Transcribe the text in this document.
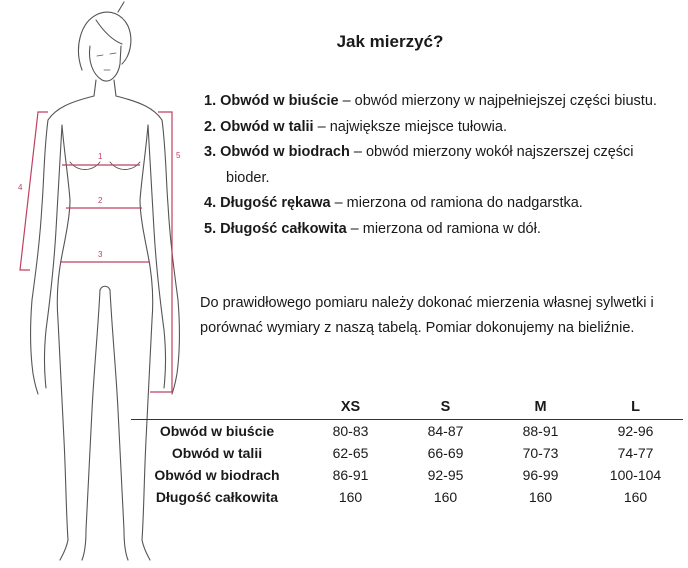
1
2
3
4
5
Jak mierzyć?
1. Obwód w biuście – obwód mierzony w najpełniejszej części biustu.
2. Obwód w talii – największe miejsce tułowia.
3. Obwód w biodrach – obwód mierzony wokół najszerszej części bioder.
4. Długość rękawa – mierzona od ramiona do nadgarstka.
5. Długość całkowita – mierzona od ramiona w dół.
Do prawidłowego pomiaru należy dokonać mierzenia własnej sylwetki i porównać wymiary z naszą tabelą. Pomiar dokonujemy na bieliźnie.
	XS	S	M	L
Obwód w biuście	80-83	84-87	88-91	92-96
Obwód w talii	62-65	66-69	70-73	74-77
Obwód w biodrach	86-91	92-95	96-99	100-104
Długość całkowita	160	160	160	160
